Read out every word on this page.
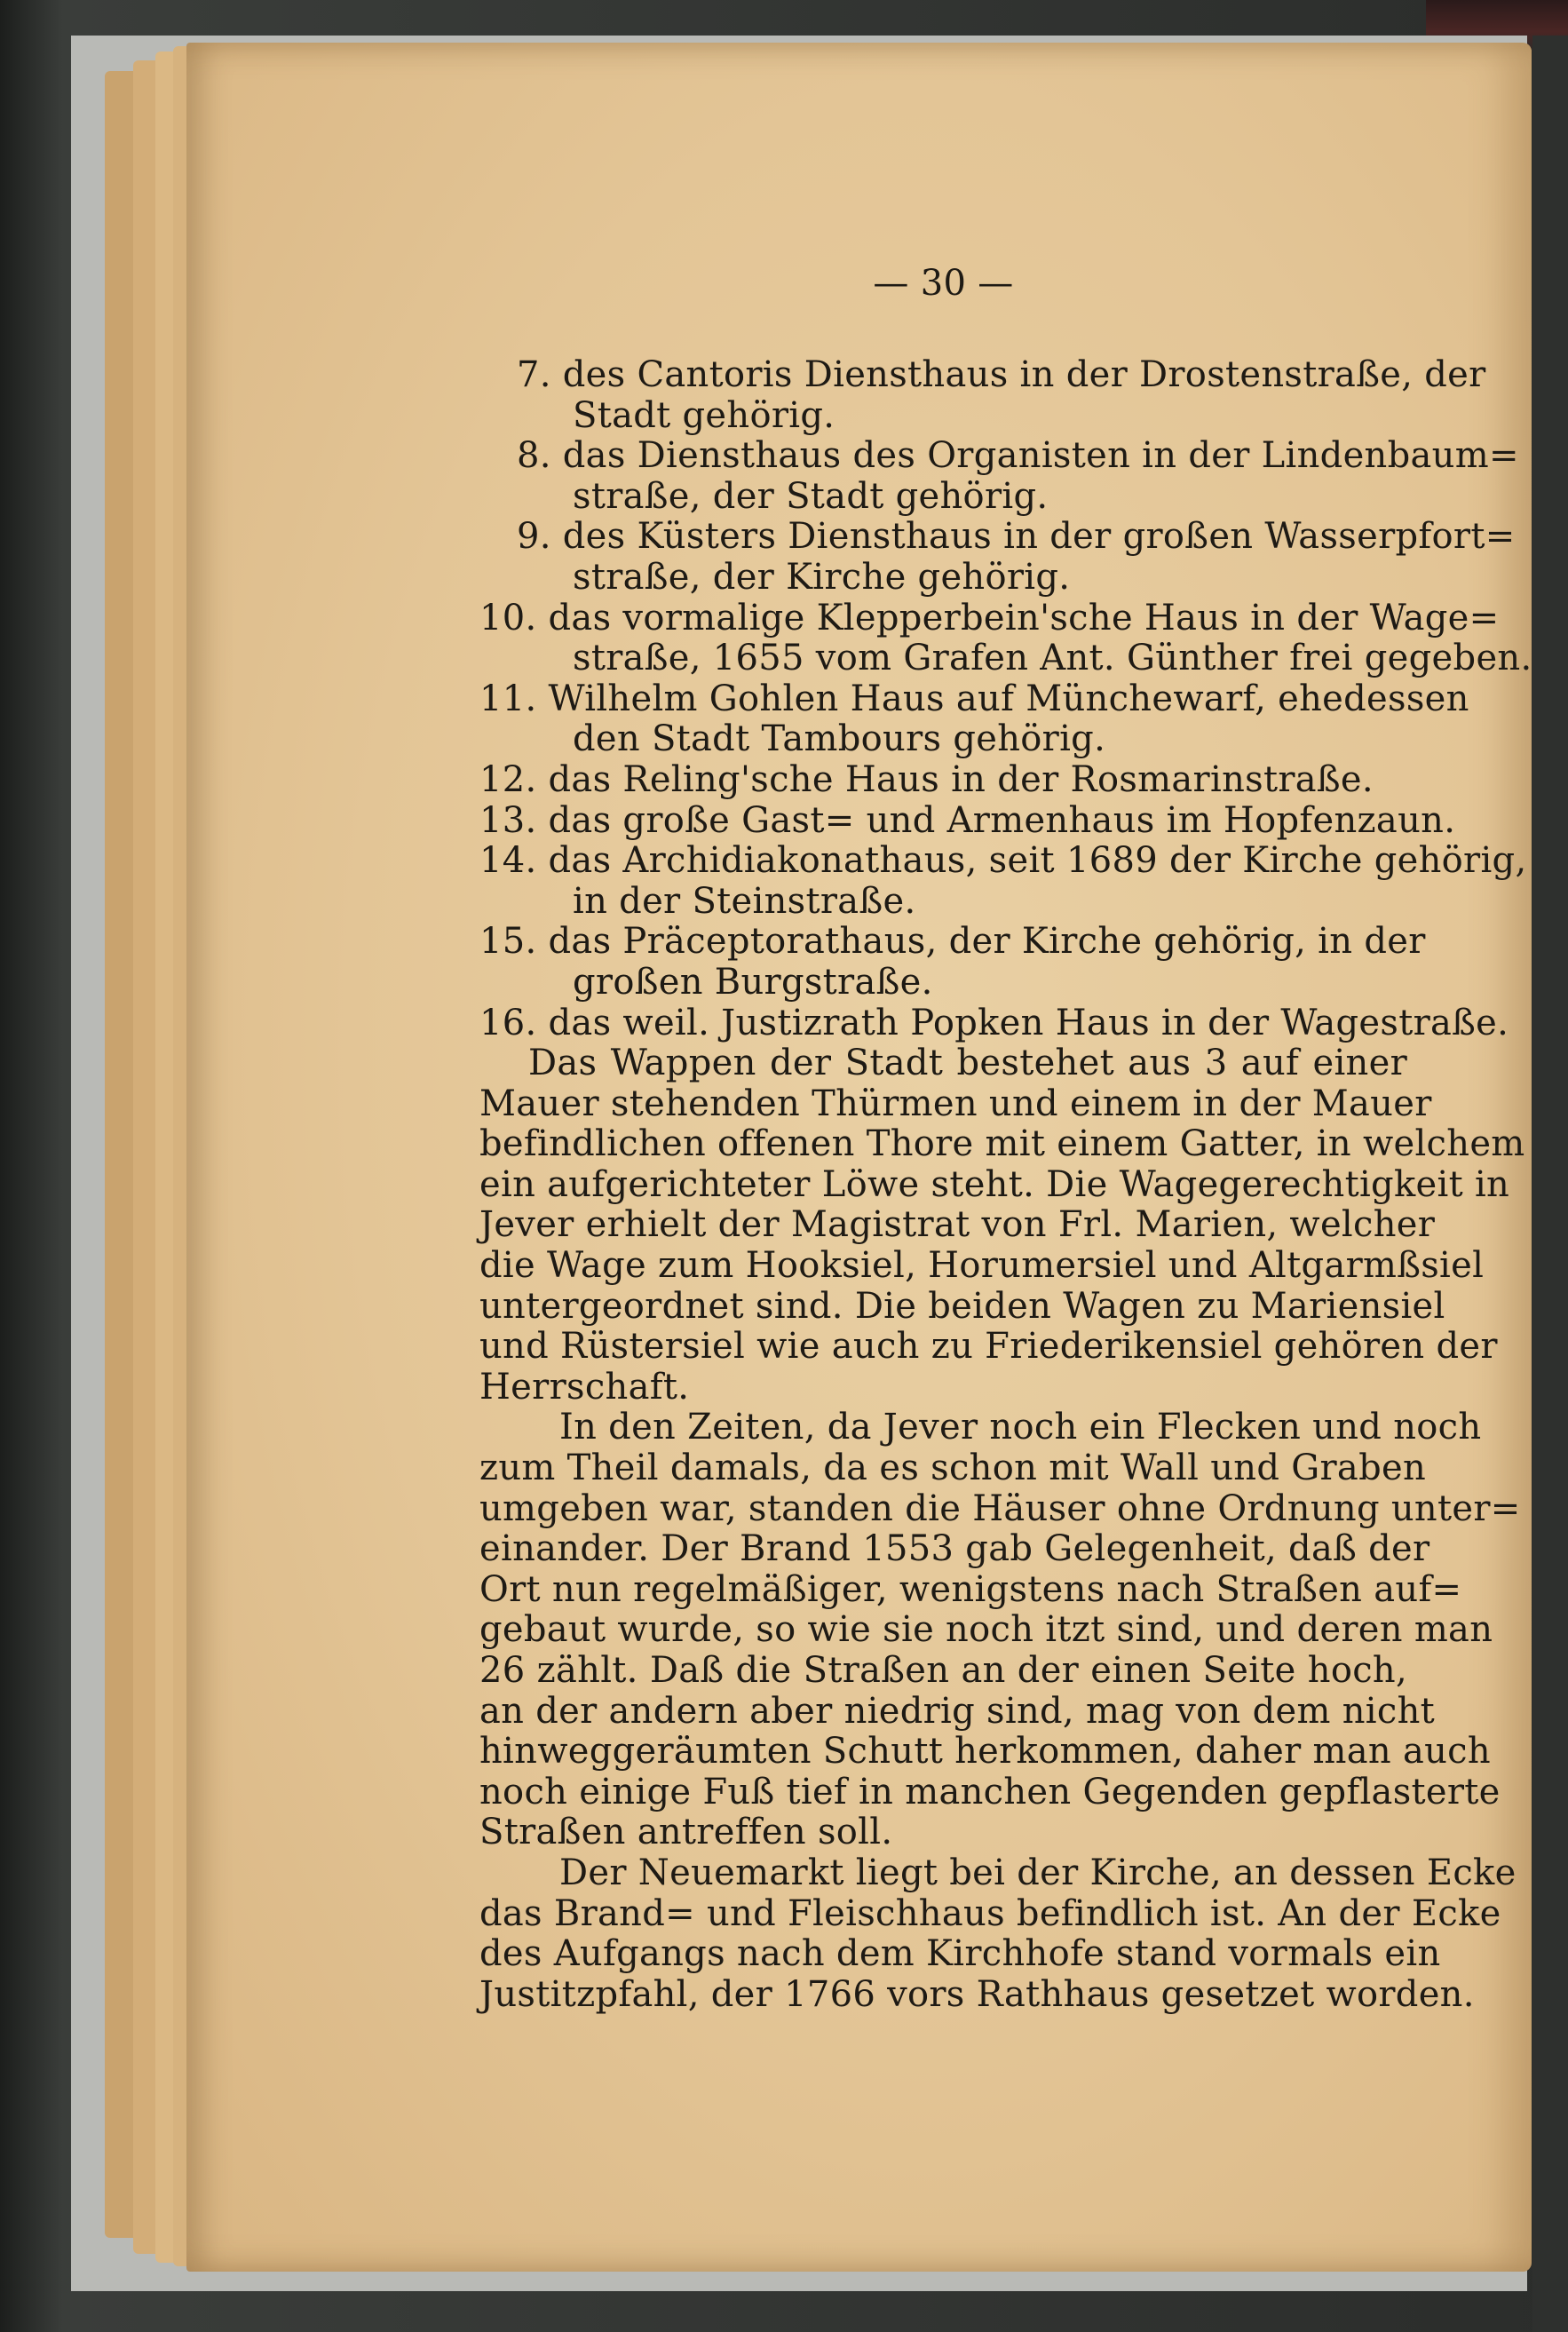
— 30 —
7. des Cantoris Diensthaus in der Drostenstraße, der
Stadt gehörig.
8. das Diensthaus des Organisten in der Lindenbaum=
straße, der Stadt gehörig.
9. des Küsters Diensthaus in der großen Wasserpfort=
straße, der Kirche gehörig.
10. das vormalige Klepperbein'sche Haus in der Wage=
straße, 1655 vom Grafen Ant. Günther frei gegeben.
11. Wilhelm Gohlen Haus auf Münchewarf, ehedessen
den Stadt Tambours gehörig.
12. das Reling'sche Haus in der Rosmarinstraße.
13. das große Gast= und Armenhaus im Hopfenzaun.
14. das Archidiakonathaus, seit 1689 der Kirche gehörig,
in der Steinstraße.
15. das Präceptorathaus, der Kirche gehörig, in der
großen Burgstraße.
16. das weil. Justizrath Popken Haus in der Wagestraße.
Das Wappen der Stadt bestehet aus 3 auf einer
Mauer stehenden Thürmen und einem in der Mauer
befindlichen offenen Thore mit einem Gatter, in welchem
ein aufgerichteter Löwe steht. Die Wagegerechtigkeit in
Jever erhielt der Magistrat von Frl. Marien, welcher
die Wage zum Hooksiel, Horumersiel und Altgarmßsiel
untergeordnet sind. Die beiden Wagen zu Mariensiel
und Rüstersiel wie auch zu Friederikensiel gehören der
Herrschaft.
In den Zeiten, da Jever noch ein Flecken und noch
zum Theil damals, da es schon mit Wall und Graben
umgeben war, standen die Häuser ohne Ordnung unter=
einander. Der Brand 1553 gab Gelegenheit, daß der
Ort nun regelmäßiger, wenigstens nach Straßen auf=
gebaut wurde, so wie sie noch itzt sind, und deren man
26 zählt. Daß die Straßen an der einen Seite hoch,
an der andern aber niedrig sind, mag von dem nicht
hinweggeräumten Schutt herkommen, daher man auch
noch einige Fuß tief in manchen Gegenden gepflasterte
Straßen antreffen soll.
Der Neuemarkt liegt bei der Kirche, an dessen Ecke
das Brand= und Fleischhaus befindlich ist. An der Ecke
des Aufgangs nach dem Kirchhofe stand vormals ein
Justitzpfahl, der 1766 vors Rathhaus gesetzet worden.
